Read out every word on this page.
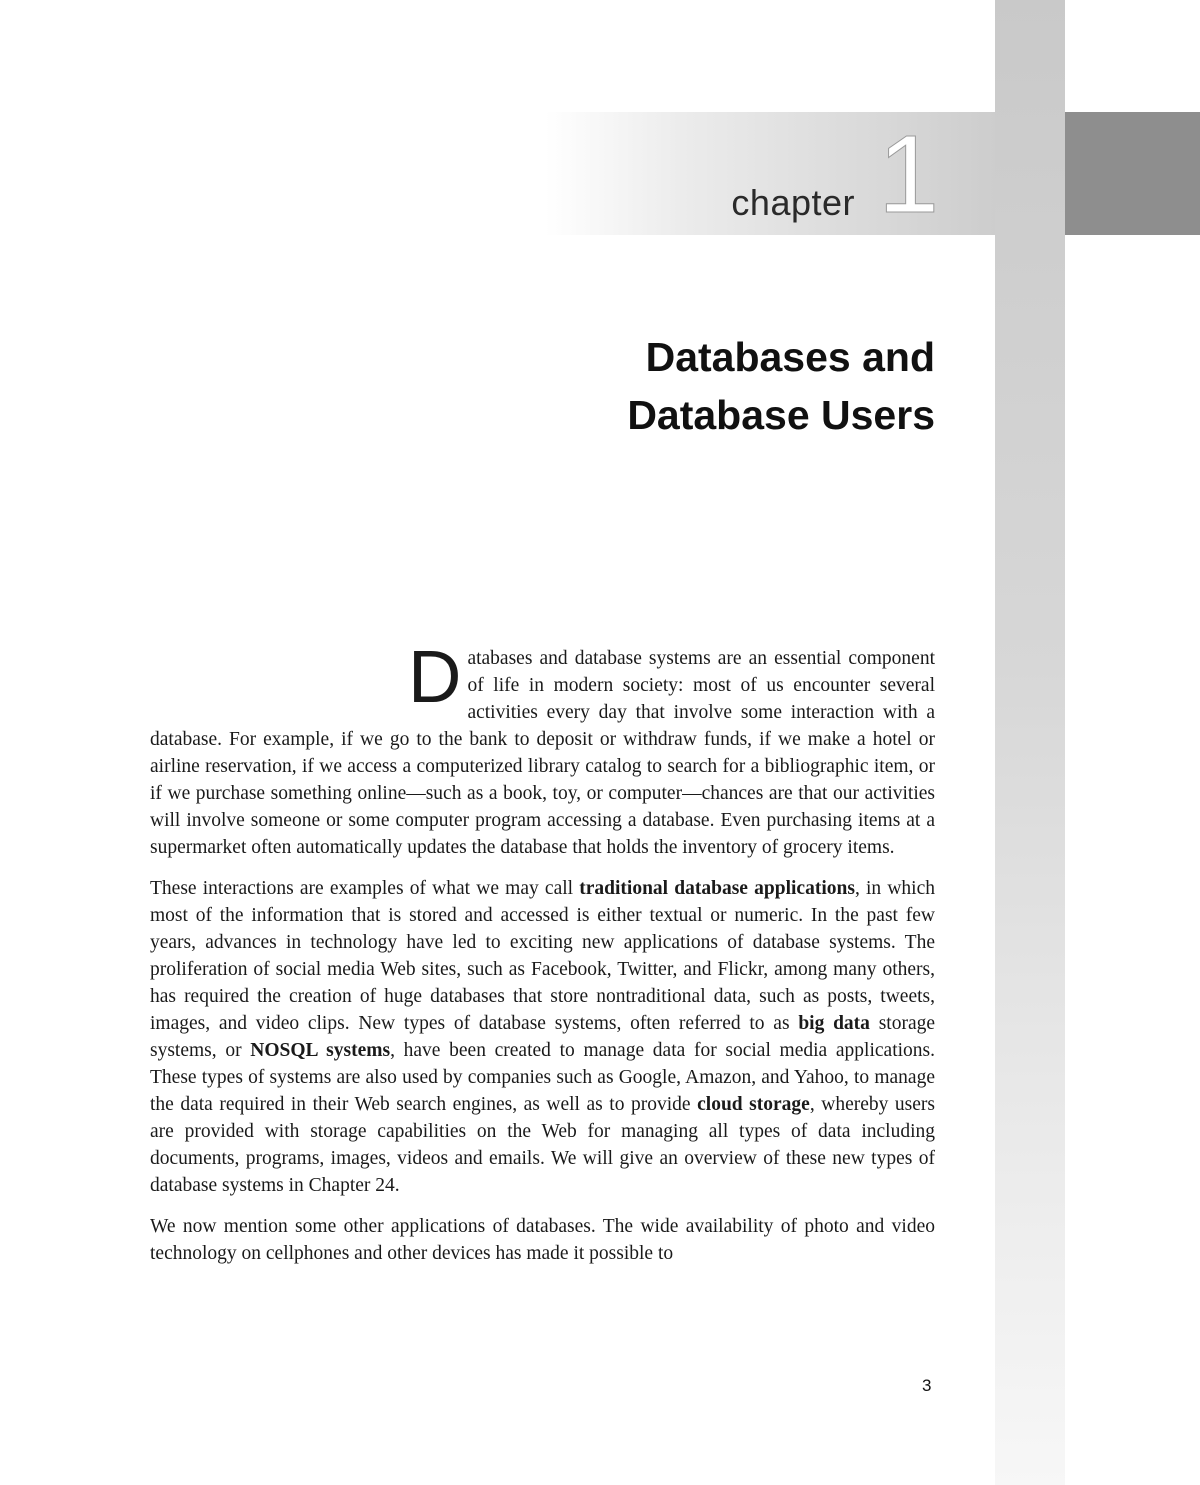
chapter 1
Databases and
Database Users

Databases and database systems are an essential component of life in modern society: most of us encounter several activities every day that involve some interaction with a database. For example, if we go to the bank to deposit or withdraw funds, if we make a hotel or airline reservation, if we access a computerized library catalog to search for a bibliographic item, or if we purchase something online—such as a book, toy, or computer—chances are that our activities will involve someone or some computer program accessing a database. Even purchasing items at a supermarket often automatically updates the database that holds the inventory of grocery items.

These interactions are examples of what we may call traditional database applications, in which most of the information that is stored and accessed is either textual or numeric. In the past few years, advances in technology have led to exciting new applications of database systems. The proliferation of social media Web sites, such as Facebook, Twitter, and Flickr, among many others, has required the creation of huge databases that store nontraditional data, such as posts, tweets, images, and video clips. New types of database systems, often referred to as big data storage systems, or NOSQL systems, have been created to manage data for social media applications. These types of systems are also used by companies such as Google, Amazon, and Yahoo, to manage the data required in their Web search engines, as well as to provide cloud storage, whereby users are provided with storage capabilities on the Web for managing all types of data including documents, programs, images, videos and emails. We will give an overview of these new types of database systems in Chapter 24.

We now mention some other applications of databases. The wide availability of photo and video technology on cellphones and other devices has made it possible to

3
